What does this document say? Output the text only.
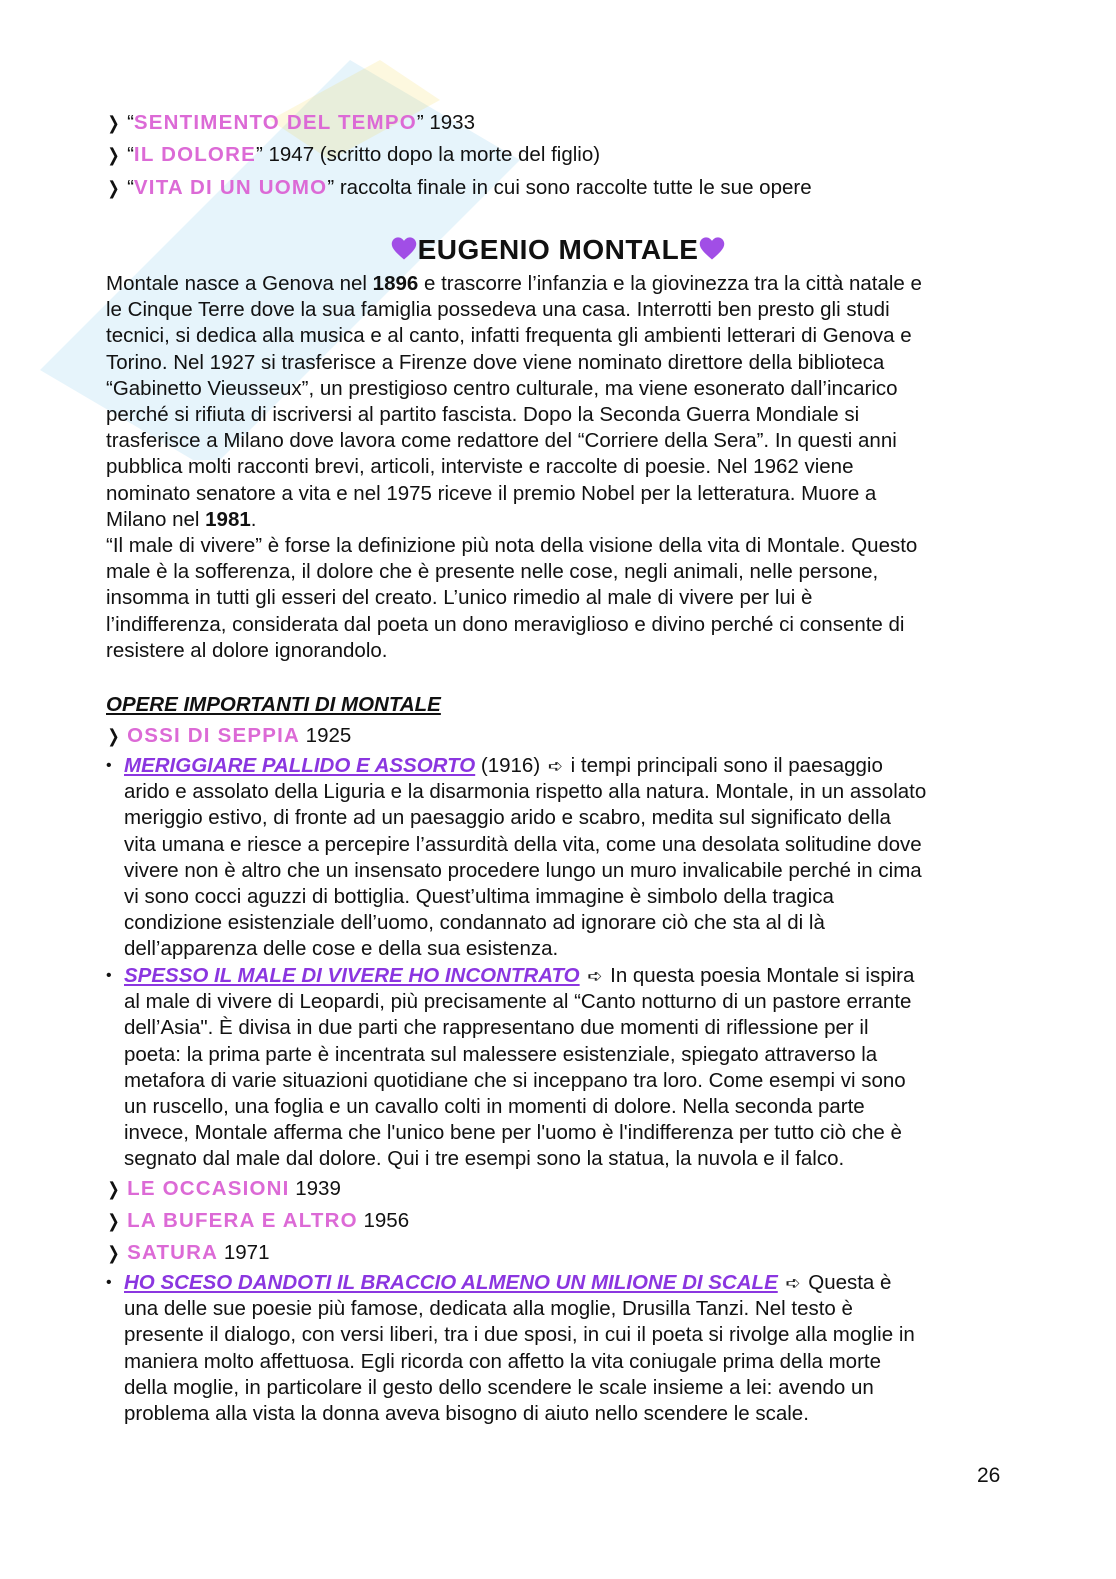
❯ “SENTIMENTO DEL TEMPO” 1933
❯ “IL DOLORE” 1947 (scritto dopo la morte del figlio)
❯ “VITA DI UN UOMO” raccolta finale in cui sono raccolte tutte le sue opere
EUGENIO MONTALE

Montale nasce a Genova nel 1896 e trascorre l’infanzia e la giovinezza tra la città natale e

le Cinque Terre dove la sua famiglia possedeva una casa. Interrotti ben presto gli studi

tecnici, si dedica alla musica e al canto, infatti frequenta gli ambienti letterari di Genova e

Torino. Nel 1927 si trasferisce a Firenze dove viene nominato direttore della biblioteca

“Gabinetto Vieusseux”, un prestigioso centro culturale, ma viene esonerato dall’incarico

perché si rifiuta di iscriversi al partito fascista. Dopo la Seconda Guerra Mondiale si

trasferisce a Milano dove lavora come redattore del “Corriere della Sera”. In questi anni

pubblica molti racconti brevi, articoli, interviste e raccolte di poesie. Nel 1962 viene

nominato senatore a vita e nel 1975 riceve il premio Nobel per la letteratura. Muore a

Milano nel 1981.

“Il male di vivere” è forse la definizione più nota della visione della vita di Montale. Questo

male è la sofferenza, il dolore che è presente nelle cose, negli animali, nelle persone,

insomma in tutti gli esseri del creato. L’unico rimedio al male di vivere per lui è

l’indifferenza, considerata dal poeta un dono meraviglioso e divino perché ci consente di

resistere al dolore ignorandolo.

OPERE IMPORTANTI DI MONTALE
❯ OSSI DI SEPPIA 1925
• MERIGGIARE PALLIDO E ASSORTO (1916) ➪ i tempi principali sono il paesaggio

arido e assolato della Liguria e la disarmonia rispetto alla natura. Montale, in un assolato

meriggio estivo, di fronte ad un paesaggio arido e scabro, medita sul significato della

vita umana e riesce a percepire l’assurdità della vita, come una desolata solitudine dove

vivere non è altro che un insensato procedere lungo un muro invalicabile perché in cima

vi sono cocci aguzzi di bottiglia. Quest’ultima immagine è simbolo della tragica

condizione esistenziale dell’uomo, condannato ad ignorare ciò che sta al di là

dell’apparenza delle cose e della sua esistenza.

• SPESSO IL MALE DI VIVERE HO INCONTRATO ➪ In questa poesia Montale si ispira

al male di vivere di Leopardi, più precisamente al “Canto notturno di un pastore errante

dell’Asia". È divisa in due parti che rappresentano due momenti di riflessione per il

poeta: la prima parte è incentrata sul malessere esistenziale, spiegato attraverso la

metafora di varie situazioni quotidiane che si inceppano tra loro. Come esempi vi sono

un ruscello, una foglia e un cavallo colti in momenti di dolore. Nella seconda parte

invece, Montale afferma che l'unico bene per l'uomo è l'indifferenza per tutto ciò che è

segnato dal male dal dolore. Qui i tre esempi sono la statua, la nuvola e il falco.

❯ LE OCCASIONI 1939
❯ LA BUFERA E ALTRO 1956
❯ SATURA 1971
• HO SCESO DANDOTI IL BRACCIO ALMENO UN MILIONE DI SCALE ➪ Questa è

una delle sue poesie più famose, dedicata alla moglie, Drusilla Tanzi. Nel testo è

presente il dialogo, con versi liberi, tra i due sposi, in cui il poeta si rivolge alla moglie in

maniera molto affettuosa. Egli ricorda con affetto la vita coniugale prima della morte

della moglie, in particolare il gesto dello scendere le scale insieme a lei: avendo un

problema alla vista la donna aveva bisogno di aiuto nello scendere le scale.

26
